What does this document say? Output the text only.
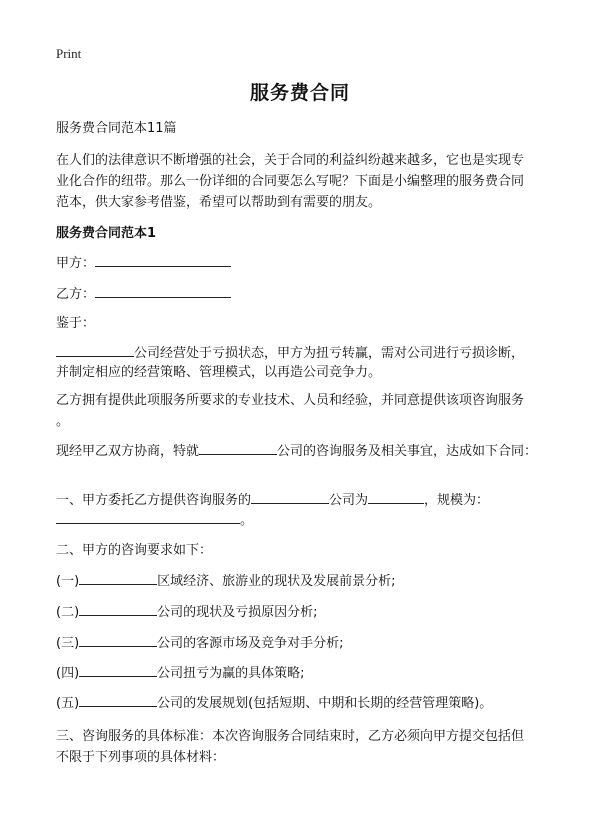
Print
服务费合同
服务费合同范本11篇
在人们的法律意识不断增强的社会，关于合同的利益纠纷越来越多，它也是实现专
业化合作的纽带。那么一份详细的合同要怎么写呢？下面是小编整理的服务费合同
范本，供大家参考借鉴，希望可以帮助到有需要的朋友。
服务费合同范本1
甲方：
乙方：
鉴于：
公司经营处于亏损状态，甲方为扭亏转赢，需对公司进行亏损诊断，
并制定相应的经营策略、管理模式，以再造公司竞争力。
乙方拥有提供此项服务所要求的专业技术、人员和经验，并同意提供该项咨询服务
。
现经甲乙双方协商，特就	公司的咨询服务及相关事宜，达成如下合同：
一、甲方委托乙方提供咨询服务的	公司为	，规模为：
。
二、甲方的咨询要求如下：
(一)	区域经济、旅游业的现状及发展前景分析;
(二)	公司的现状及亏损原因分析;
(三)	公司的客源市场及竞争对手分析;
(四)	公司扭亏为赢的具体策略;
(五)	公司的发展规划(包括短期、中期和长期的经营管理策略)。
三、咨询服务的具体标准：本次咨询服务合同结束时，乙方必须向甲方提交包括但
不限于下列事项的具体材料：
